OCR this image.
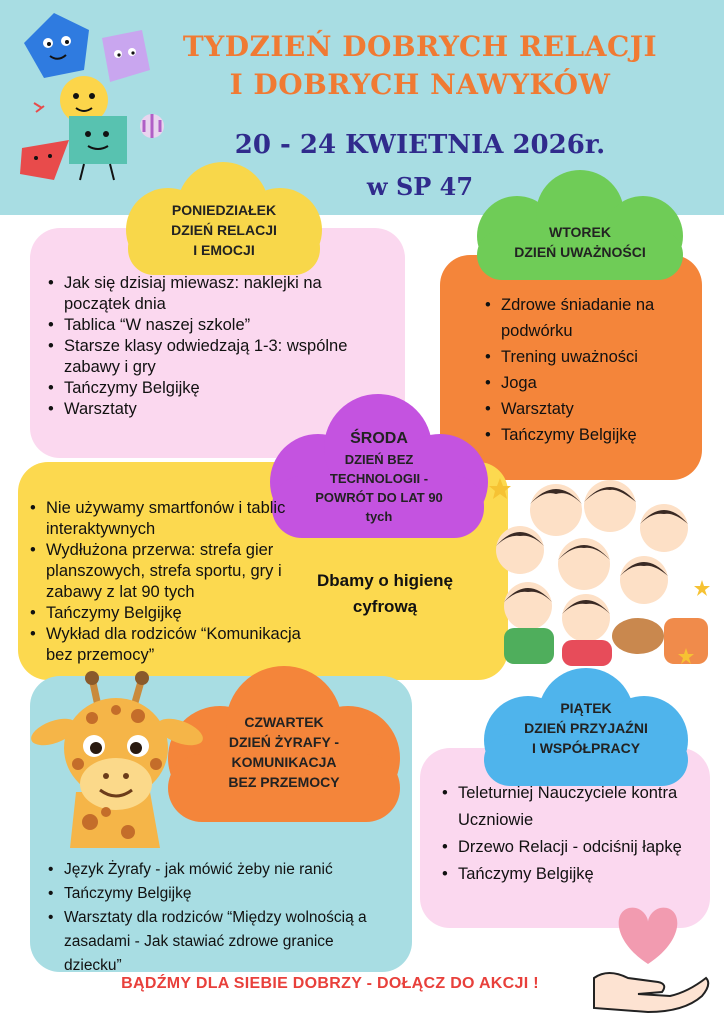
TYDZIEŃ DOBRYCH RELACJI
I DOBRYCH NAWYKÓW
20 - 24 KWIETNIA 2026r.
w SP 47
PONIEDZIAŁEK
DZIEŃ RELACJI
I EMOCJI
• Jak się dzisiaj miewasz: naklejki na początek dnia
• Tablica “W naszej szkole”
• Starsze klasy odwiedzają 1-3: wspólne zabawy i gry
• Tańczymy Belgijkę
• Warsztaty
WTOREK
DZIEŃ UWAŻNOŚCI
• Zdrowe śniadanie na podwórku
• Trening uważności
• Joga
• Warsztaty
• Tańczymy Belgijkę
ŚRODA
DZIEŃ BEZ
TECHNOLOGII -
POWRÓT DO LAT 90
tych
• Nie używamy smartfonów i tablic interaktywnych
• Wydłużona przerwa: strefa gier planszowych, strefa sportu, gry i zabawy z lat 90 tych
• Tańczymy Belgijkę
• Wykład dla rodziców “Komunikacja bez przemocy”
Dbamy o higienę
cyfrową
CZWARTEK
DZIEŃ ŻYRAFY -
KOMUNIKACJA
BEZ PRZEMOCY
• Język Żyrafy - jak mówić żeby nie ranić
• Tańczymy Belgijkę
• Warsztaty dla rodziców “Między wolnością a zasadami - Jak stawiać zdrowe granice dziecku”
PIĄTEK
DZIEŃ PRZYJAŹNI
I WSPÓŁPRACY
• Teleturniej Nauczyciele kontra Uczniowie
• Drzewo Relacji - odciśnij łapkę
• Tańczymy Belgijkę
BĄDŹMY DLA SIEBIE DOBRZY - DOŁĄCZ DO AKCJI !
